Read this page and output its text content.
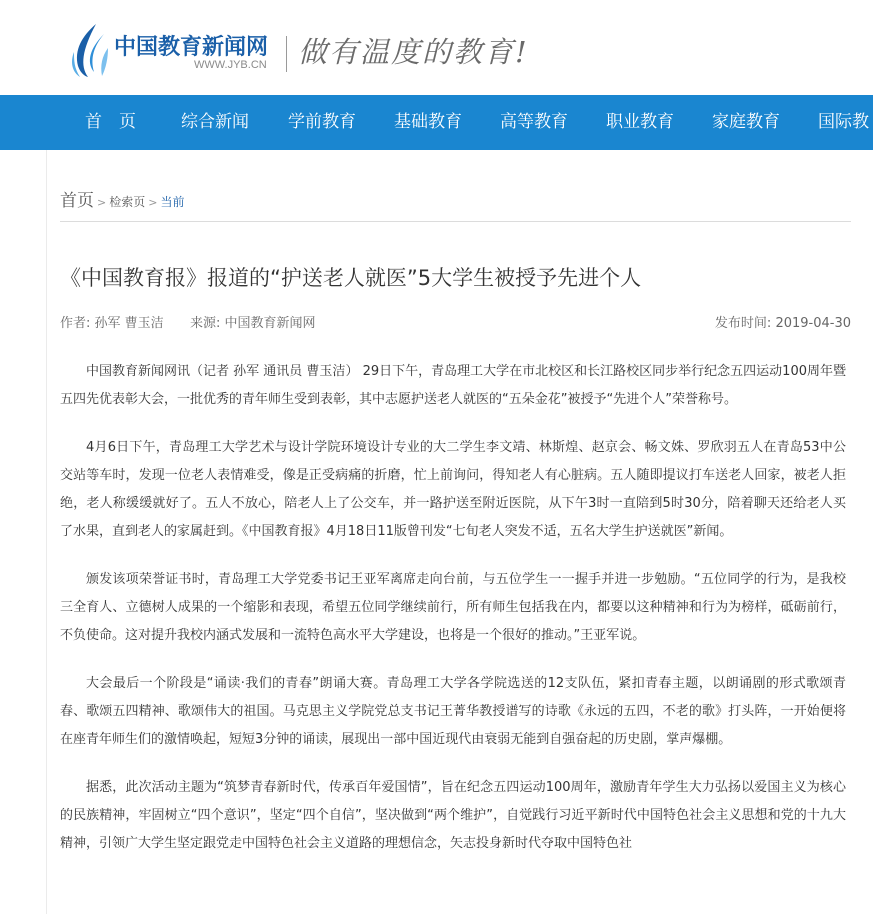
中国教育新闻网
WWW.JYB.CN 做有温度的教育!
首　页	综合新闻 学前教育 基础教育 高等教育 职业教育 家庭教育 国际教
首页 > 检索页 > 当前
《中国教育报》报道的“护送老人就医”5大学生被授予先进个人
作者: 孙军 曹玉洁 来源: 中国教育新闻网	发布时间: 2019-04-30

中国教育新闻网讯（记者 孙军 通讯员 曹玉洁） 29日下午，青岛理工大学在市北校区和长江路校区同步举行纪念五四运动100周年暨五四先优表彰大会，一批优秀的青年师生受到表彰，其中志愿护送老人就医的“五朵金花”被授予“先进个人”荣誉称号。

4月6日下午，青岛理工大学艺术与设计学院环境设计专业的大二学生李文靖、林斯煌、赵京会、畅文姝、罗欣羽五人在青岛53中公交站等车时，发现一位老人表情难受，像是正受病痛的折磨，忙上前询问，得知老人有心脏病。五人随即提议打车送老人回家，被老人拒绝，老人称缓缓就好了。五人不放心，陪老人上了公交车，并一路护送至附近医院，从下午3时一直陪到5时30分，陪着聊天还给老人买了水果，直到老人的家属赶到。《中国教育报》4月18日11版曾刊发“七旬老人突发不适，五名大学生护送就医”新闻。

颁发该项荣誉证书时，青岛理工大学党委书记王亚军离席走向台前，与五位学生一一握手并进一步勉励。“五位同学的行为，是我校三全育人、立德树人成果的一个缩影和表现，希望五位同学继续前行，所有师生包括我在内，都要以这种精神和行为为榜样，砥砺前行，不负使命。这对提升我校内涵式发展和一流特色高水平大学建设，也将是一个很好的推动。”王亚军说。

大会最后一个阶段是“诵读·我们的青春”朗诵大赛。青岛理工大学各学院选送的12支队伍，紧扣青春主题，以朗诵剧的形式歌颂青春、歌颂五四精神、歌颂伟大的祖国。马克思主义学院党总支书记王菁华教授谱写的诗歌《永远的五四，不老的歌》打头阵，一开始便将在座青年师生们的激情唤起，短短3分钟的诵读，展现出一部中国近现代由衰弱无能到自强奋起的历史剧，掌声爆棚。

据悉，此次活动主题为“筑梦青春新时代，传承百年爱国情”，旨在纪念五四运动100周年，激励青年学生大力弘扬以爱国主义为核心的民族精神，牢固树立“四个意识”，坚定“四个自信”，坚决做到“两个维护”，自觉践行习近平新时代中国特色社会主义思想和党的十九大精神，引领广大学生坚定跟党走中国特色社会主义道路的理想信念，矢志投身新时代夺取中国特色社
